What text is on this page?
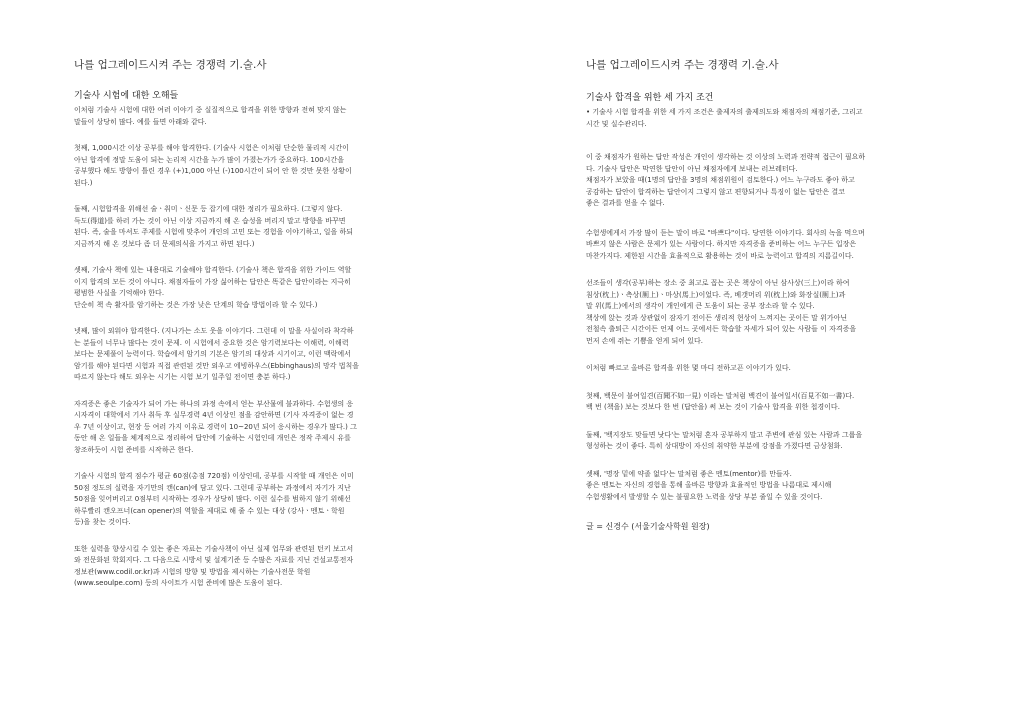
나를 업그레이드시켜 주는 경쟁력 기.술.사
기술사 시험에 대한 오해들
이처럼 기술사 시험에 대한 여러 이야기 중 실질적으로 합격을 위한 방향과 전혀 맞지 않는
말들이 상당히 많다. 예를 들면 아래와 같다.
첫째, 1,000시간 이상 공부를 해야 합격한다. (기술사 시험은 이처럼 단순한 물리적 시간이
아닌 합격에 정말 도움이 되는 논리적 시간을 누가 많이 가졌는가가 중요하다. 100시간을
공부했다 해도 방향이 틀린 경우 (+)1,000 아닌 (-)100시간이 되어 안 한 것만 못한 상황이
된다.)
둘째, 시험합격을 위해선 술ㆍ취미ㆍ신문 등 잡기에 대한 정리가 필요하다. (그렇지 않다.
득도(得道)를 하러 가는 것이 아닌 이상 지금까지 해 온 습성을 버리지 말고 방향을 바꾸면
된다. 즉, 술을 마셔도 주제를 시험에 맞추어 개인의 고민 또는 경험을 이야기하고, 일을 하되
지금까지 해 온 것보다 좀 더 문제의식을 가지고 하면 된다.)
셋째, 기술사 책에 있는 내용대로 기술해야 합격한다. (기술사 책은 합격을 위한 가이드 역할
이지 합격의 모든 것이 아니다. 채점자들이 가장 싫어하는 답안은 똑같은 답안이라는 지극히
평범한 사실을 기억해야 한다.
단순히 책 속 활자를 암기하는 것은 가장 낮은 단계의 학습 방법이라 할 수 있다.)
넷째, 많이 외워야 합격한다. (지나가는 소도 웃을 이야기다. 그런데 이 말을 사실이라 착각하
는 분들이 너무나 많다는 것이 문제. 이 시험에서 중요한 것은 암기력보다는 이해력, 이해력
보다는 문제풀이 능력이다. 학습에서 암기의 기본은 암기의 대상과 시기이고, 이런 맥락에서
암기를 해야 된다면 시험과 직접 관련된 것만 외우고 에빙하우스(Ebbinghaus)의 망각 법칙을
따르지 않는다 해도 외우는 시기는 시험 보기 일주일 전이면 충분 하다.)
자격증은 좋은 기술자가 되어 가는 하나의 과정 속에서 얻는 부산물에 불과하다. 수험생의 응
시자격이 대학에서 기사 취득 후 실무경력 4년 이상인 점을 감안하면 (기사 자격증이 없는 경
우 7년 이상이고, 현장 등 여러 가지 이유로 경력이 10~20년 되어 응시하는 경우가 많다.) 그
동안 해 온 일들을 체계적으로 정리하여 답안에 기술하는 시험인데 개인은 정작 주제시 유를
창조하듯이 시험 준비를 시작하곤 한다.
기술사 시험의 합격 점수가 평균 60점(총점 720점) 이상인데, 공부를 시작할 때 개인은 이미
50점 정도의 실력을 자기만의 캔(can)에 담고 있다. 그런데 공부하는 과정에서 자기가 지난
50점을 잊어버리고 0점부터 시작하는 경우가 상당히 많다. 이런 실수를 범하지 않기 위해선
하루빨리 캔오프너(can opener)의 역할을 제대로 해 줄 수 있는 대상 (강사ㆍ멘토ㆍ학원
등)을 찾는 것이다.
또한 실력을 향상시킬 수 있는 좋은 자료는 기술사책이 아닌 실제 업무와 관련된 턴키 보고서
와 전문화된 학회지다. 그 다음으로 시방서 및 설계기준 등 수많은 자료를 지닌 건설교통전자
정보관(www.codil.or.kr)과 시험의 방향 및 방법을 제시하는 기술사전문 학원
(www.seoulpe.com) 등의 사이트가 시험 준비에 많은 도움이 된다.
나를 업그레이드시켜 주는 경쟁력 기.술.사
기술사 합격을 위한 세 가지 조건
• 기술사 시험 합격을 위한 세 가지 조건은 출제자의 출제의도와 채점자의 채점기준, 그리고
시간 및 실수관리다.
이 중 채점자가 원하는 답안 작성은 개인이 생각하는 것 이상의 노력과 전략적 접근이 필요하
다. 기술사 답안은 막연한 답안이 아닌 채점자에게 보내는 러브레터다.
채점자가 보았을 때(1명의 답안을 3명의 채점위원이 검토한다.) 어느 누구라도 좋아 하고
공감하는 답안이 합격하는 답안이지 그렇지 않고 편향되거나 특징이 없는 답안은 결코
좋은 결과를 얻을 수 없다.
수험생에게서 가장 많이 듣는 말이 바로 "바쁘다"이다. 당연한 이야기다. 회사의 녹을 먹으며
바쁘지 않은 사람은 문제가 있는 사람이다. 하지만 자격증을 준비하는 어느 누구든 입장은
마찬가지다. 제한된 시간을 효율적으로 활용하는 것이 바로 능력이고 합격의 지름길이다.
선조들이 생각(공부)하는 장소 중 최고로 꼽는 곳은 책상이 아닌 삼사상(三上)이라 하여
침상(枕上)ㆍ측상(厠上)ㆍ마상(馬上)이었다. 즉, 베갯머리 위(枕上)와 화장실(厠上)과
말 위(馬上)에서의 생각이 개인에게 큰 도움이 되는 공부 장소라 할 수 있다.
책상에 앉는 것과 상관없이 잠자기 전이든 생리적 현상이 느껴지는 곳이든 말 위가아닌
전철속 출퇴근 시간이든 언제 어느 곳에서든 학습할 자세가 되어 있는 사람들 이 자격증을
먼저 손에 쥐는 기쁨을 얻게 되어 있다.
이처럼 빠르고 올바른 합격을 위한 몇 마디 전하고픈 이야기가 있다.
첫째, 백문이 불여일견(百聞不如一見) 이라는 말처럼 백견이 불여일서(百見不如一書)다.
백 번 (책을) 보는 것보다 한 번 (답안을) 써 보는 것이 기술사 합격을 위한 첩경이다.
둘째, '백지장도 맞들면 낫다'는 말처럼 혼자 공부하지 말고 주변에 관심 있는 사람과 그룹을
형성하는 것이 좋다. 특히 상대방이 자신의 취약한 부분에 강점을 가졌다면 금상첨화.
셋째, '명장 밑에 약졸 없다'는 말처럼 좋은 멘토(mentor)를 만들자.
좋은 멘토는 자신의 경험을 통해 올바른 방향과 효율적인 방법을 나름대로 제시해
수험생활에서 발생할 수 있는 불필요한 노력을 상당 부분 줄일 수 있을 것이다.
글 = 신경수 (서울기술사학원 원장)
